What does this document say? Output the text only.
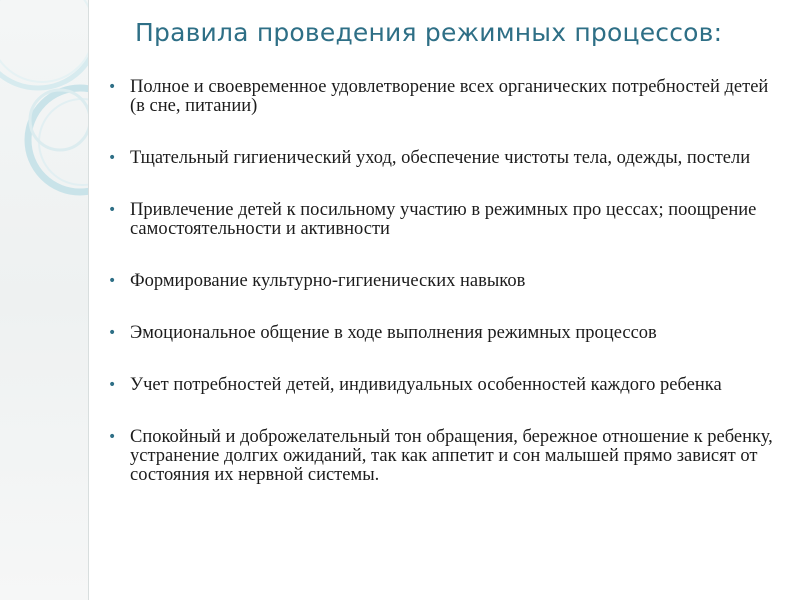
Правила проведения режимных процессов:
• Полное и своевременное удовлетворение всех органических потребностей детей (в сне, питании)
• Тщательный гигиенический уход, обеспечение чистоты тела, одежды, постели
• Привлечение детей к посильному участию в режимных про цессах; поощрение самостоятельности и активности
• Формирование культурно-гигиенических навыков
• Эмоциональное общение в ходе выполнения режимных процессов
• Учет потребностей детей, индивидуальных особенностей каждого ребенка
• Спокойный и доброжелательный тон обращения, бережное отношение к ребенку, устранение долгих ожиданий, так как аппетит и сон малышей прямо зависят от состояния их нервной системы.
